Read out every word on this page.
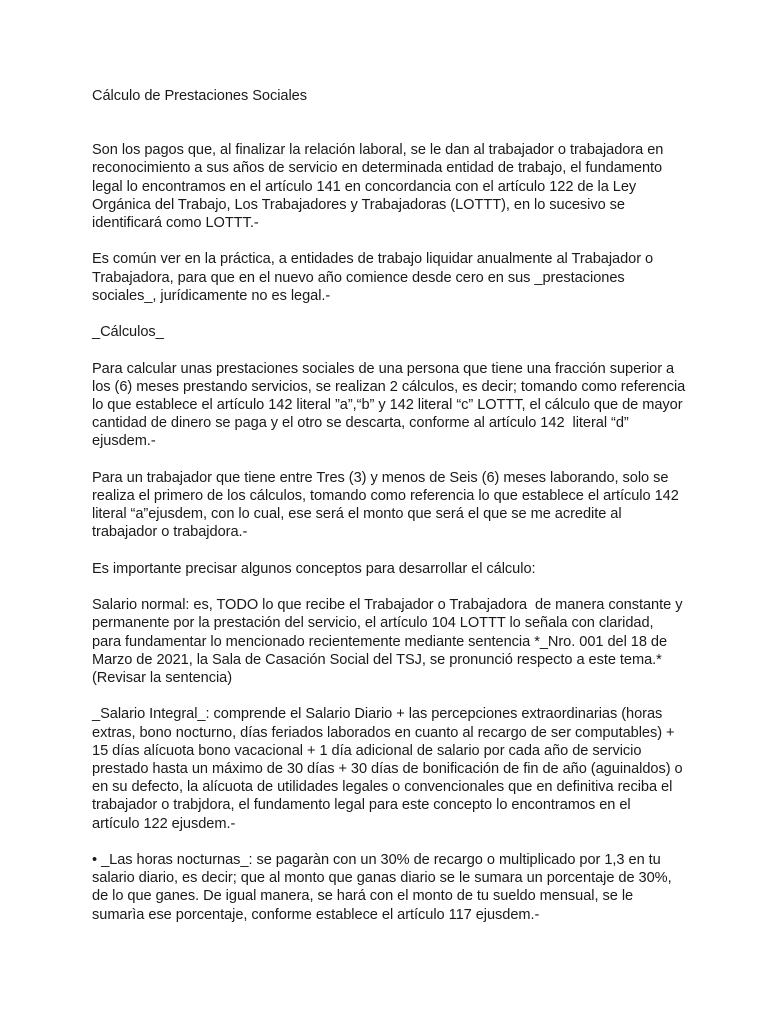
Cálculo de Prestaciones Sociales
Son los pagos que, al finalizar la relación laboral, se le dan al trabajador o trabajadora en
reconocimiento a sus años de servicio en determinada entidad de trabajo, el fundamento
legal lo encontramos en el artículo 141 en concordancia con el artículo 122 de la Ley
Orgánica del Trabajo, Los Trabajadores y Trabajadoras (LOTTT), en lo sucesivo se
identificará como LOTTT.-
Es común ver en la práctica, a entidades de trabajo liquidar anualmente al Trabajador o
Trabajadora, para que en el nuevo año comience desde cero en sus _prestaciones
sociales_, jurídicamente no es legal.-
_Cálculos_
Para calcular unas prestaciones sociales de una persona que tiene una fracción superior a
los (6) meses prestando servicios, se realizan 2 cálculos, es decir; tomando como referencia
lo que establece el artículo 142 literal ”a”,“b” y 142 literal “c” LOTTT, el cálculo que de mayor
cantidad de dinero se paga y el otro se descarta, conforme al artículo 142  literal “d”
ejusdem.-
Para un trabajador que tiene entre Tres (3) y menos de Seis (6) meses laborando, solo se
realiza el primero de los cálculos, tomando como referencia lo que establece el artículo 142
literal “a”ejusdem, con lo cual, ese será el monto que será el que se me acredite al
trabajador o trabajdora.-
Es importante precisar algunos conceptos para desarrollar el cálculo:
Salario normal: es, TODO lo que recibe el Trabajador o Trabajadora  de manera constante y
permanente por la prestación del servicio, el artículo 104 LOTTT lo señala con claridad,
para fundamentar lo mencionado recientemente mediante sentencia *_Nro. 001 del 18 de
Marzo de 2021, la Sala de Casación Social del TSJ, se pronunció respecto a este tema.*
(Revisar la sentencia)
_Salario Integral_: comprende el Salario Diario + las percepciones extraordinarias (horas
extras, bono nocturno, días feriados laborados en cuanto al recargo de ser computables) +
15 días alícuota bono vacacional + 1 día adicional de salario por cada año de servicio
prestado hasta un máximo de 30 días + 30 días de bonificación de fin de año (aguinaldos) o
en su defecto, la alícuota de utilidades legales o convencionales que en definitiva reciba el
trabajador o trabjdora, el fundamento legal para este concepto lo encontramos en el
artículo 122 ejusdem.-
• _Las horas nocturnas_: se pagaràn con un 30% de recargo o multiplicado por 1,3 en tu
salario diario, es decir; que al monto que ganas diario se le sumara un porcentaje de 30%,
de lo que ganes. De igual manera, se hará con el monto de tu sueldo mensual, se le
sumarìa ese porcentaje, conforme establece el artículo 117 ejusdem.-
